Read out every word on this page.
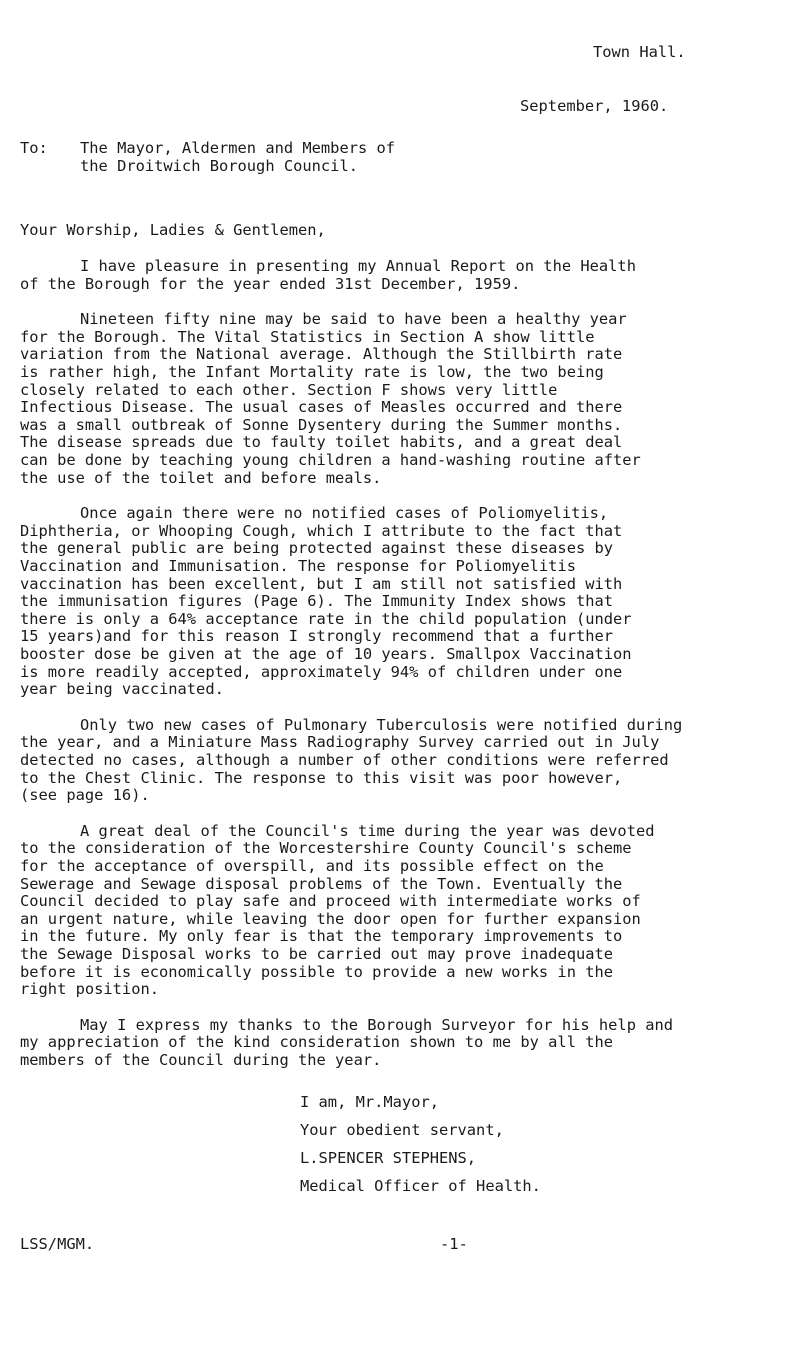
Town Hall.
September, 1960.
To: The Mayor, Aldermen and Members of
the Droitwich Borough Council.
Your Worship, Ladies & Gentlemen,
I have pleasure in presenting my Annual Report on the Health
of the Borough for the year ended 31st December, 1959.
Nineteen fifty nine may be said to have been a healthy year
for the Borough. The Vital Statistics in Section A show little
variation from the National average. Although the Stillbirth rate
is rather high, the Infant Mortality rate is low, the two being
closely related to each other. Section F shows very little
Infectious Disease. The usual cases of Measles occurred and there
was a small outbreak of Sonne Dysentery during the Summer months.
The disease spreads due to faulty toilet habits, and a great deal
can be done by teaching young children a hand-washing routine after
the use of the toilet and before meals.
Once again there were no notified cases of Poliomyelitis,
Diphtheria, or Whooping Cough, which I attribute to the fact that
the general public are being protected against these diseases by
Vaccination and Immunisation. The response for Poliomyelitis
vaccination has been excellent, but I am still not satisfied with
the immunisation figures (Page 6). The Immunity Index shows that
there is only a 64% acceptance rate in the child population (under
15 years)and for this reason I strongly recommend that a further
booster dose be given at the age of 10 years. Smallpox Vaccination
is more readily accepted, approximately 94% of children under one
year being vaccinated.
Only two new cases of Pulmonary Tuberculosis were notified during
the year, and a Miniature Mass Radiography Survey carried out in July
detected no cases, although a number of other conditions were referred
to the Chest Clinic. The response to this visit was poor however,
(see page 16).
A great deal of the Council's time during the year was devoted
to the consideration of the Worcestershire County Council's scheme
for the acceptance of overspill, and its possible effect on the
Sewerage and Sewage disposal problems of the Town. Eventually the
Council decided to play safe and proceed with intermediate works of
an urgent nature, while leaving the door open for further expansion
in the future. My only fear is that the temporary improvements to
the Sewage Disposal works to be carried out may prove inadequate
before it is economically possible to provide a new works in the
right position.
May I express my thanks to the Borough Surveyor for his help and
my appreciation of the kind consideration shown to me by all the
members of the Council during the year.
I am, Mr.Mayor,
Your obedient servant,
L.SPENCER STEPHENS,
Medical Officer of Health.
LSS/MGM.	-1-
